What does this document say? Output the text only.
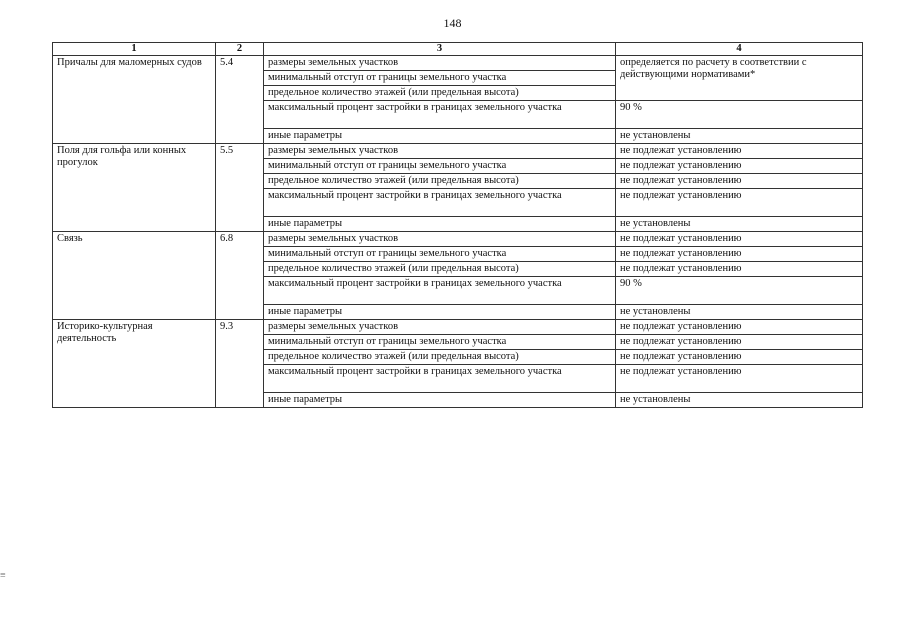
148
1	2	3	4
Причалы для маломерных судов	5.4	размеры земельных участков	определяется по расчету в соответствии с действующими нормативами*
		минимальный отступ от границы земельного участка	
		предельное количество этажей (или предельная высота)	
		максимальный процент застройки в границах земельного участка	90 %
		иные параметры	не установлены
Поля для гольфа или конных прогулок	5.5	размеры земельных участков	не подлежат установлению
		минимальный отступ от границы земельного участка	не подлежат установлению
		предельное количество этажей (или предельная высота)	не подлежат установлению
		максимальный процент застройки в границах земельного участка	не подлежат установлению
		иные параметры	не установлены
Связь	6.8	размеры земельных участков	не подлежат установлению
		минимальный отступ от границы земельного участка	не подлежат установлению
		предельное количество этажей (или предельная высота)	не подлежат установлению
		максимальный процент застройки в границах земельного участка	90 %
		иные параметры	не установлены
Историко-культурная деятельность	9.3	размеры земельных участков	не подлежат установлению
		минимальный отступ от границы земельного участка	не подлежат установлению
		предельное количество этажей (или предельная высота)	не подлежат установлению
		максимальный процент застройки в границах земельного участка	не подлежат установлению
		иные параметры	не установлены
≡
